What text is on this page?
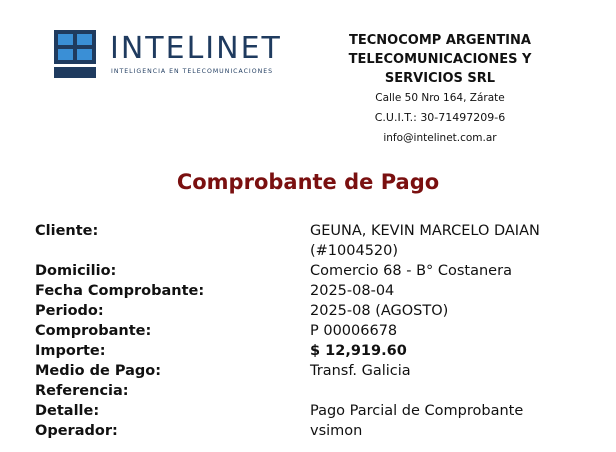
INTELINET
INTELIGENCIA EN TELECOMUNICACIONES

TECNOCOMP ARGENTINA TELECOMUNICACIONES Y SERVICIOS SRL

Calle 50 Nro 164, Zárate

C.U.I.T.: 30-71497209-6

info@intelinet.com.ar

Comprobante de Pago
Cliente:	GEUNA, KEVIN MARCELO DAIAN (#1004520)
Domicilio:	Comercio 68 - B° Costanera
Fecha Comprobante:	2025-08-04
Periodo:	2025-08 (AGOSTO)
Comprobante:	P 00006678
Importe:	$ 12,919.60
Medio de Pago:	Transf. Galicia
Referencia:
Detalle:	Pago Parcial de Comprobante
Operador:	vsimon
